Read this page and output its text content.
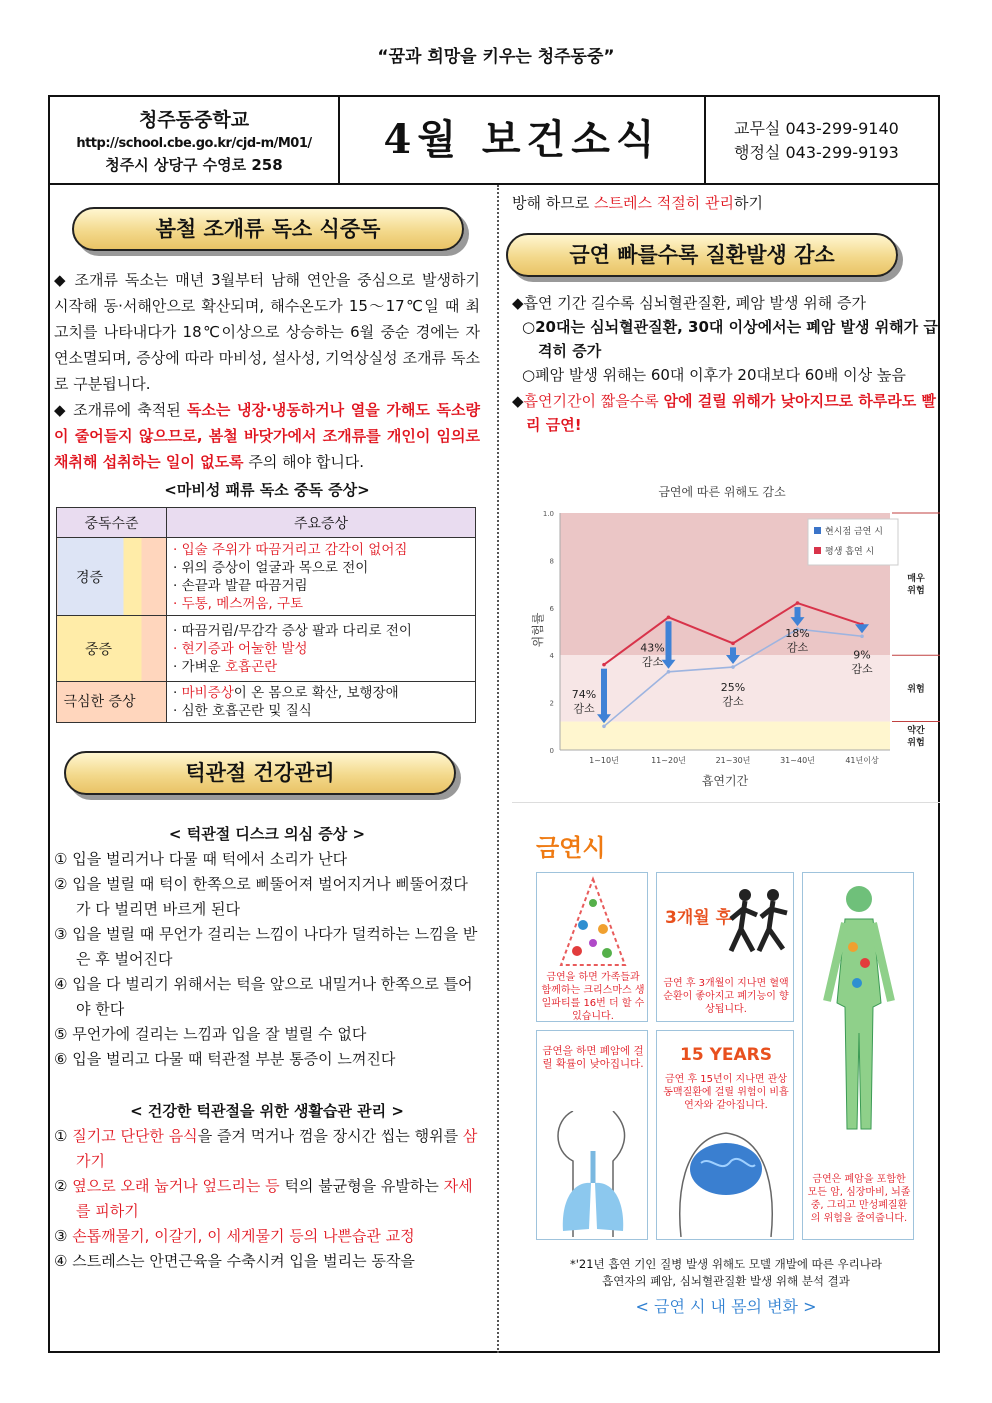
“꿈과 희망을 키우는 청주동중”
청주동중학교
http://school.cbe.go.kr/cjd-m/M01/
청주시 상당구 수영로 258
4월 보건소식	교무실 043-299-9140
행정실 043-299-9193
봄철 조개류 독소 식중독

◆ 조개류 독소는 매년 3월부터 남해 연안을 중심으로 발생하기 시작해 동·서해안으로 확산되며, 해수온도가 15～17℃일 때 최고치를 나타내다가 18℃이상으로 상승하는 6월 중순 경에는 자연소멸되며, 증상에 따라 마비성, 설사성, 기억상실성 조개류 독소로 구분됩니다.

◆ 조개류에 축적된 독소는 냉장·냉동하거나 열을 가해도 독소량이 줄어들지 않으므로, 봄철 바닷가에서 조개류를 개인이 임의로 채취해 섭취하는 일이 없도록 주의 해야 합니다.

<마비성 패류 독소 중독 증상>
중독수준	주요증상
경증	· 입술 주위가 따끔거리고 감각이 없어짐
· 위의 증상이 얼굴과 목으로 전이
· 손끝과 발끝 따끔거림
· 두통, 메스꺼움, 구토

중증	· 따끔거림/무감각 증상 팔과 다리로 전이
· 현기증과 어눌한 발성
· 가벼운 호흡곤란

극심한 증상	· 마비증상이 온 몸으로 확산, 보행장애
· 심한 호흡곤란 및 질식
턱관절 건강관리
< 턱관절 디스크 의심 증상 >
① 입을 벌리거나 다물 때 턱에서 소리가 난다
② 입을 벌릴 때 턱이 한쪽으로 삐뚤어져 벌어지거나 삐뚤어졌다가 다 벌리면 바르게 된다
③ 입을 벌릴 때 무언가 걸리는 느낌이 나다가 덜컥하는 느낌을 받은 후 벌어진다
④ 입을 다 벌리기 위해서는 턱을 앞으로 내밀거나 한쪽으로 틀어야 한다
⑤ 무언가에 걸리는 느낌과 입을 잘 벌릴 수 없다
⑥ 입을 벌리고 다물 때 턱관절 부분 통증이 느껴진다
< 건강한 턱관절을 위한 생활습관 관리 >
① 질기고 단단한 음식을 즐겨 먹거나 껌을 장시간 씹는 행위를 삼가기
② 옆으로 오래 눕거나 엎드리는 등 턱의 불균형을 유발하는 자세를 피하기
③ 손톱깨물기, 이갈기, 이 세게물기 등의 나쁜습관 교정
④ 스트레스는 안면근육을 수축시켜 입을 벌리는 동작을
방해 하므로 스트레스 적절히 관리하기
금연 빠를수록 질환발생 감소
◆흡연 기간 길수록 심뇌혈관질환, 폐암 발생 위해 증가
○20대는 심뇌혈관질환, 30대 이상에서는 폐암 발생 위해가 급격히 증가
○폐암 발생 위해는 60대 이후가 20대보다 60배 이상 높음
◆흡연기간이 짧을수록 암에 걸릴 위해가 낮아지므로 하루라도 빨리 금연!
금연에 따른 위해도 감소
매우 위험
위험
약간 위험
0
2
4
6
8
1.0
1~10년	11~20년	21~30년	31~40년	41년이상
74% 감소
43% 감소
25% 감소
18% 감소
9% 감소
위험률
흡연기간
현시점 금연 시
평생 흡연 시
금연시
금연을 하면 가족들과 함께하는 크리스마스 생일파티를 16번 더 할 수 있습니다.
3개월 후
금연 후 3개월이 지나면 혈액순환이 좋아지고 폐기능이 향상됩니다.
금연을 하면 폐암에 걸릴 확률이 낮아집니다.	15 YEARS
금연 후 15년이 지나면 관상동맥질환에 걸릴 위험이 비흡연자와 같아집니다.
금연은 폐암을 포함한 모든 암, 심장마비, 뇌졸중, 그리고 만성폐질환의 위험을 줄여줍니다.
*'21년 흡연 기인 질병 발생 위해도 모델 개발에 따른 우리나라
흡연자의 폐암, 심뇌혈관질환 발생 위해 분석 결과
< 금연 시 내 몸의 변화 >
